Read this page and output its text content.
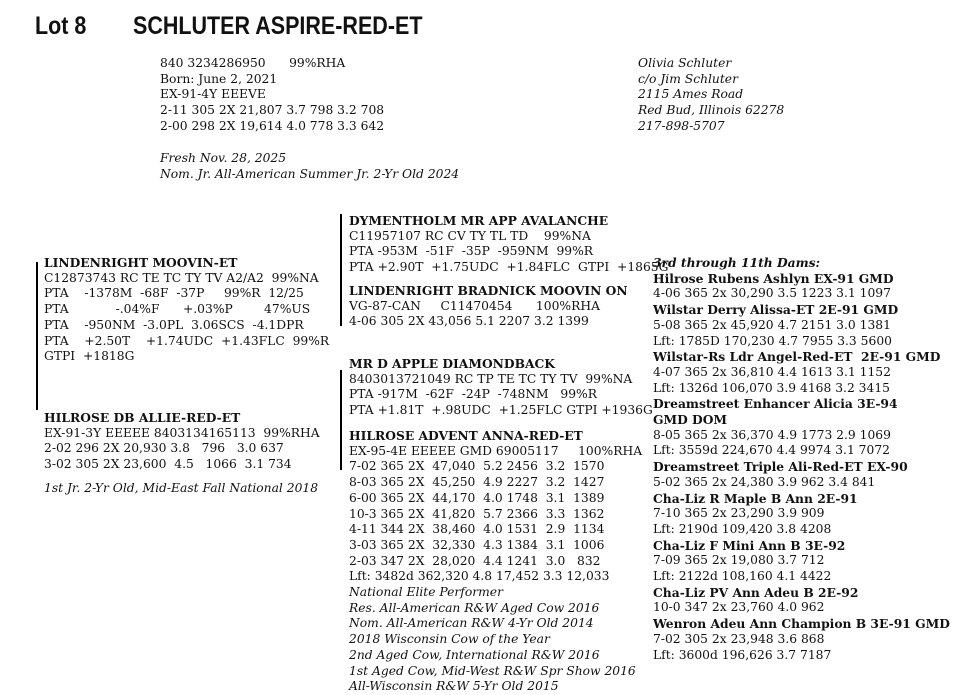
Lot 8 SCHLUTER ASPIRE-RED-ET
840 3234286950      99%RHA
Born: June 2, 2021
EX-91-4Y EEEVE
2-11 305 2X 21,807 3.7 798 3.2 708
2-00 298 2X 19,614 4.0 778 3.3 642
Fresh Nov. 28, 2025
Nom. Jr. All-American Summer Jr. 2-Yr Old 2024
Olivia Schluter
c/o Jim Schluter
2115 Ames Road
Red Bud, Illinois 62278
217-898-5707
LINDENRIGHT MOOVIN-ET
C12873743 RC TE TC TY TV A2/A2  99%NA
PTA    -1378M  -68F  -37P     99%R  12/25
PTA            -.04%F      +.03%P        47%US
PTA    -950NM  -3.0PL  3.06SCS  -4.1DPR
PTA    +2.50T    +1.74UDC  +1.43FLC  99%R
GTPI  +1818G
HILROSE DB ALLIE-RED-ET
EX-91-3Y EEEEE 8403134165113  99%RHA
2-02 296 2X 20,930 3.8   796   3.0 637
3-02 305 2X 23,600  4.5   1066  3.1 734
1st Jr. 2-Yr Old, Mid-East Fall National 2018
DYMENTHOLM MR APP AVALANCHE
C11957107 RC CV TY TL TD    99%NA
PTA -953M  -51F  -35P  -959NM  99%R
PTA +2.90T  +1.75UDC  +1.84FLC  GTPI  +1865G
LINDENRIGHT BRADNICK MOOVIN ON
VG-87-CAN     C11470454      100%RHA
4-06 305 2X 43,056 5.1 2207 3.2 1399
MR D APPLE DIAMONDBACK
8403013721049 RC TP TE TC TY TV  99%NA
PTA -917M  -62F  -24P  -748NM   99%R
PTA +1.81T  +.98UDC  +1.25FLC GTPI +1936G
HILROSE ADVENT ANNA-RED-ET
EX-95-4E EEEEE GMD 69005117     100%RHA
7-02 365 2X  47,040  5.2 2456  3.2  1570
8-03 365 2X  45,250  4.9 2227  3.2  1427
6-00 365 2X  44,170  4.0 1748  3.1  1389
10-3 365 2X  41,820  5.7 2366  3.3  1362
4-11 344 2X  38,460  4.0 1531  2.9  1134
3-03 365 2X  32,330  4.3 1384  3.1  1006
2-03 347 2X  28,020  4.4 1241  3.0   832
Lft: 3482d 362,320 4.8 17,452 3.3 12,033
National Elite Performer
Res. All-American R&W Aged Cow 2016
Nom. All-American R&W 4-Yr Old 2014
2018 Wisconsin Cow of the Year
2nd Aged Cow, International R&W 2016
1st Aged Cow, Mid-West R&W Spr Show 2016
All-Wisconsin R&W 5-Yr Old 2015
3rd through 11th Dams:
Hilrose Rubens Ashlyn EX-91 GMD
4-06 365 2x 30,290 3.5 1223 3.1 1097
Wilstar Derry Alissa-ET 2E-91 GMD
5-08 365 2x 45,920 4.7 2151 3.0 1381
Lft: 1785D 170,230 4.7 7955 3.3 5600
Wilstar-Rs Ldr Angel-Red-ET  2E-91 GMD
4-07 365 2x 36,810 4.4 1613 3.1 1152
Lft: 1326d 106,070 3.9 4168 3.2 3415
Dreamstreet Enhancer Alicia 3E-94
GMD DOM
8-05 365 2x 36,370 4.9 1773 2.9 1069
Lft: 3559d 224,670 4.4 9974 3.1 7072
Dreamstreet Triple Ali-Red-ET EX-90
5-02 365 2x 24,380 3.9 962 3.4 841
Cha-Liz R Maple B Ann 2E-91
7-10 365 2x 23,290 3.9 909
Lft: 2190d 109,420 3.8 4208
Cha-Liz F Mini Ann B 3E-92
7-09 365 2x 19,080 3.7 712
Lft: 2122d 108,160 4.1 4422
Cha-Liz PV Ann Adeu B 2E-92
10-0 347 2x 23,760 4.0 962
Wenron Adeu Ann Champion B 3E-91 GMD
7-02 305 2x 23,948 3.6 868
Lft: 3600d 196,626 3.7 7187
